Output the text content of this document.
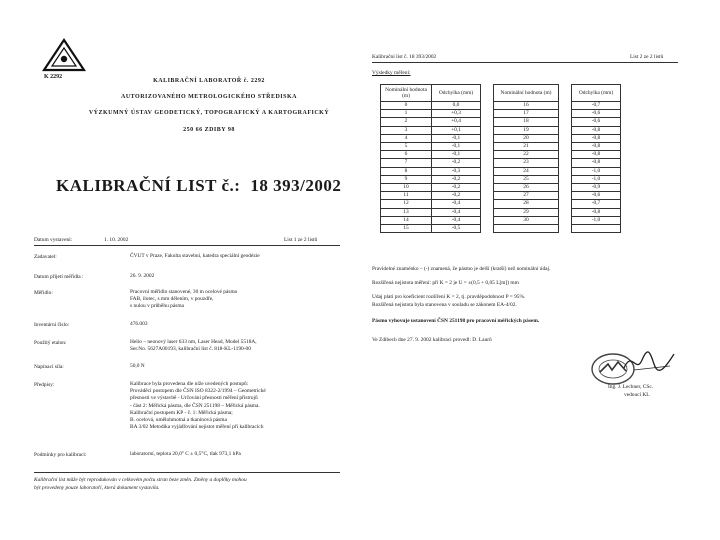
K 2292
KALIBRAČNÍ LABORATOŘ č. 2292
AUTORIZOVANÉHO METROLOGICKÉHO STŘEDISKA
VÝZKUMNÝ ÚSTAV GEODETICKÝ, TOPOGRAFICKÝ A KARTOGRAFICKÝ
250 66 ZDIBY 98
KALIBRAČNÍ LIST č.: 18 393/2002
Datum vystavení:	1. 10. 2002	List 1 ze 2 listů
Zadavatel:	ČVUT v Praze, Fakulta stavební, katedra speciální geodézie
Datum přijetí měřidla :	26. 9. 2002
Měřidlo:	Pracovní měřidlo stanovené, 30 m ocelové pásmo
FAB, ilotec, s mm dělením, v pouzdře,
s nulou v průběhu pásma
Inventární číslo:	476.003
Použitý etalon:	Helio – neonový laser 633 nm, Laser Head, Model 5518A,
Ser.No. 5627A00193, kalibrační list č. 818-KL-1190-00
Napínací síla:	50,0 N
Předpisy:	Kalibrace byla provedena dle níže uvedených postupů:
Prováděcí postupem dle ČSN ISO 8322-2/1994 – Geometrické
přesnosti ve výstavbě - Určování přesnosti měření přístrojů
- část 2: Měřická pásma, dle ČSN 251198 – Měřická pásma.
Kalibrační postupem KP - č. 1: Měřická pásma;
B. ocelová, umělohmotná a tkaninová pásma
BA 3/02 Metodika vyjádřování nejistot měření při kalibracích
Podmínky pro kalibraci:	laboratorní, teplota 20,0° C ± 0,5°C, tlak 973,1 hPa
Kalibrační list může být reprodukován v celkovém počtu stran beze změn. Změny a doplňky mohou
být provedeny pouze laboratoří, která dokument vystavila.
Kalibrační list č. 18 393/2002	List 2 ze 2 listů
Výsledky měření:
Nominální hodnota (m)	Odchylka (mm)		Nominální hodnota (m)		Odchylka (mm)
0	0,0		16		-0,7
1	+0,3		17		-0,6
2	+0,4		18		-0,6
3	+0,1		19		-0,8
4	-0,1		20		-0,8
5	-0,1		21		-0,8
6	-0,1		22		-0,8
7	-0,2		23		-0,8
8	-0,3		24		-1,0
9	-0,2		25		-1,0
10	-0,2		26		-0,9
11	-0,2		27		-0,6
12	-0,4		28		-0,7
13	-0,4		29		-0,8
14	-0,4		30		-1,0
15	-0,5				
Pravidelné znaménko – (-) znamená, že pásmo je delší (kratší) než nominální údaj.
Rozšířená nejistota měření: při K = 2 je U = ±(0,5 + 0,05 L[m]) mm
Udaj platí pro koeficient rozšíření K = 2, tj. pravděpodobnost P = 95%.
Rozšířená nejistota byla stanovena v souladu se zákonem EA-4/02.
Pásmo vyhovuje ustanovení ČSN 251198 pro pracovní měřických pásem.
Ve Zdibech dne 27. 9. 2002 kalibraci provedl: D. Laurů
Ing. J. Lechner, CSc.
vedoucí KL
